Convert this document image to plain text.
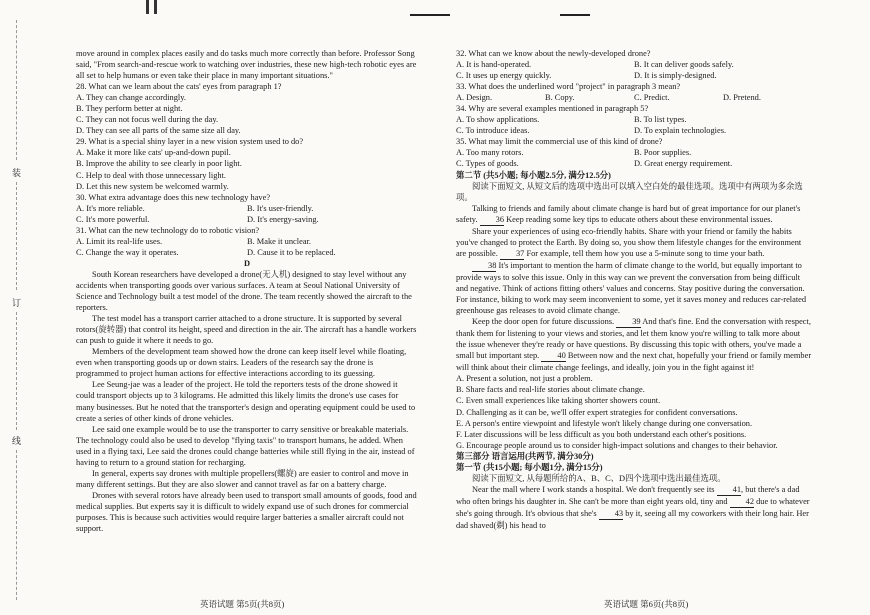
装
订
线

move around in complex places easily and do tasks much more correctly than before. Professor Song said, "From search-and-rescue work to watching over industries, these new high-tech robotic eyes are all set to help humans or even take their place in many important situations."

28. What can we learn about the cats' eyes from paragraph 1?

A. They can change accordingly.

B. They perform better at night.

C. They can not focus well during the day.

D. They can see all parts of the same size all day.

29. What is a special shiny layer in a new vision system used to do?

A. Make it more like cats' up-and-down pupil.

B. Improve the ability to see clearly in poor light.

C. Help to deal with those unnecessary light.

D. Let this new system be welcomed warmly.

30. What extra advantage does this new technology have?

A. It's more reliable.	B. It's user-friendly.
C. It's more powerful.	D. It's energy-saving.

31. What can the new technology do to robotic vision?

A. Limit its real-life uses.	B. Make it unclear.
C. Change the way it operates.	D. Cause it to be replaced.

D

South Korean researchers have developed a drone(无人机) designed to stay level without any accidents when transporting goods over various surfaces. A team at Seoul National University of Science and Technology built a test model of the drone. The team recently showed the aircraft to the reporters.

The test model has a transport carrier attached to a drone structure. It is supported by several rotors(旋转器) that control its height, speed and direction in the air. The aircraft has a handle workers can push to guide it where it needs to go.

Members of the development team showed how the drone can keep itself level while floating, even when transporting goods up or down stairs. Leaders of the research say the drone is programmed to project human actions for effective interactions according to its guessing.

Lee Seung-jae was a leader of the project. He told the reporters tests of the drone showed it could transport objects up to 3 kilograms. He admitted this likely limits the drone's use cases for many businesses. But he noted that the transporter's design and operating equipment could be used to create a series of other kinds of drone vehicles.

Lee said one example would be to use the transporter to carry sensitive or breakable materials. The technology could also be used to develop "flying taxis" to transport humans, he added. When used in a flying taxi, Lee said the drones could change batteries while still flying in the air, instead of having to return to a ground station for recharging.

In general, experts say drones with multiple propellers(螺旋) are easier to control and move in many different settings. But they are also slower and cannot travel as far on a battery charge.

Drones with several rotors have already been used to transport small amounts of goods, food and medical supplies. But experts say it is difficult to widely expand use of such drones for commercial purposes. This is because such activities would require larger batteries a smaller aircraft could not support.

32. What can we know about the newly-developed drone?

A. It is hand-operated.	B. It can deliver goods safely.
C. It uses up energy quickly.	D. It is simply-designed.

33. What does the underlined word "project" in paragraph 3 mean?

A. Design.	B. Copy.	C. Predict.	D. Pretend.

34. Why are several examples mentioned in paragraph 5?

A. To show applications.	B. To list types.
C. To introduce ideas.	D. To explain technologies.

35. What may limit the commercial use of this kind of drone?

A. Too many rotors.	B. Poor supplies.
C. Types of goods.	D. Great energy requirement.

第二节 (共5小题; 每小题2.5分, 满分12.5分)

阅读下面短文, 从短文后的选项中选出可以填入空白处的最佳选项。选项中有两项为多余选项。

Talking to friends and family about climate change is hard but of great importance for our planet's safety. 36 Keep reading some key tips to educate others about these environmental issues.

Share your experiences of using eco-friendly habits. Share with your friend or family the habits you've changed to protect the Earth. By doing so, you show them lifestyle changes for the environment are possible. 37 For example, tell them how you use a 5-minute song to time your bath.

38 It's important to mention the harm of climate change to the world, but equally important to provide ways to solve this issue. Only in this way can we prevent the conversation from being difficult and negative. Think of actions fitting others' values and concerns. Stay positive during the conversation. For instance, biking to work may seem inconvenient to some, yet it saves money and reduces car-related greenhouse gas releases to avoid climate change.

Keep the door open for future discussions. 39 And that's fine. End the conversation with respect, thank them for listening to your views and stories, and let them know you're willing to talk more about the issue whenever they're ready or have questions. By discussing this topic with others, you've made a small but important step. 40 Between now and the next chat, hopefully your friend or family member will think about their climate change feelings, and ideally, join you in the fight against it!

A. Present a solution, not just a problem.

B. Share facts and real-life stories about climate change.

C. Even small experiences like taking shorter showers count.

D. Challenging as it can be, we'll offer expert strategies for confident conversations.

E. A person's entire viewpoint and lifestyle won't likely change during one conversation.

F. Later discussions will be less difficult as you both understand each other's positions.

G. Encourage people around us to consider high-impact solutions and changes to their behavior.

第三部分 语言运用(共两节, 满分30分)

第一节 (共15小题; 每小题1分, 满分15分)

阅读下面短文, 从每题所给的A、B、C、D四个选项中选出最佳选项。

Near the mall where I work stands a hospital. We don't frequently see its 41, but there's a dad who often brings his daughter in. She can't be more than eight years old, tiny and 42 due to whatever she's going through. It's obvious that she's 43 by it, seeing all my coworkers with their long hair. Her dad shaved(剃) his head to

英语试题 第5页(共8页)	英语试题 第6页(共8页)
